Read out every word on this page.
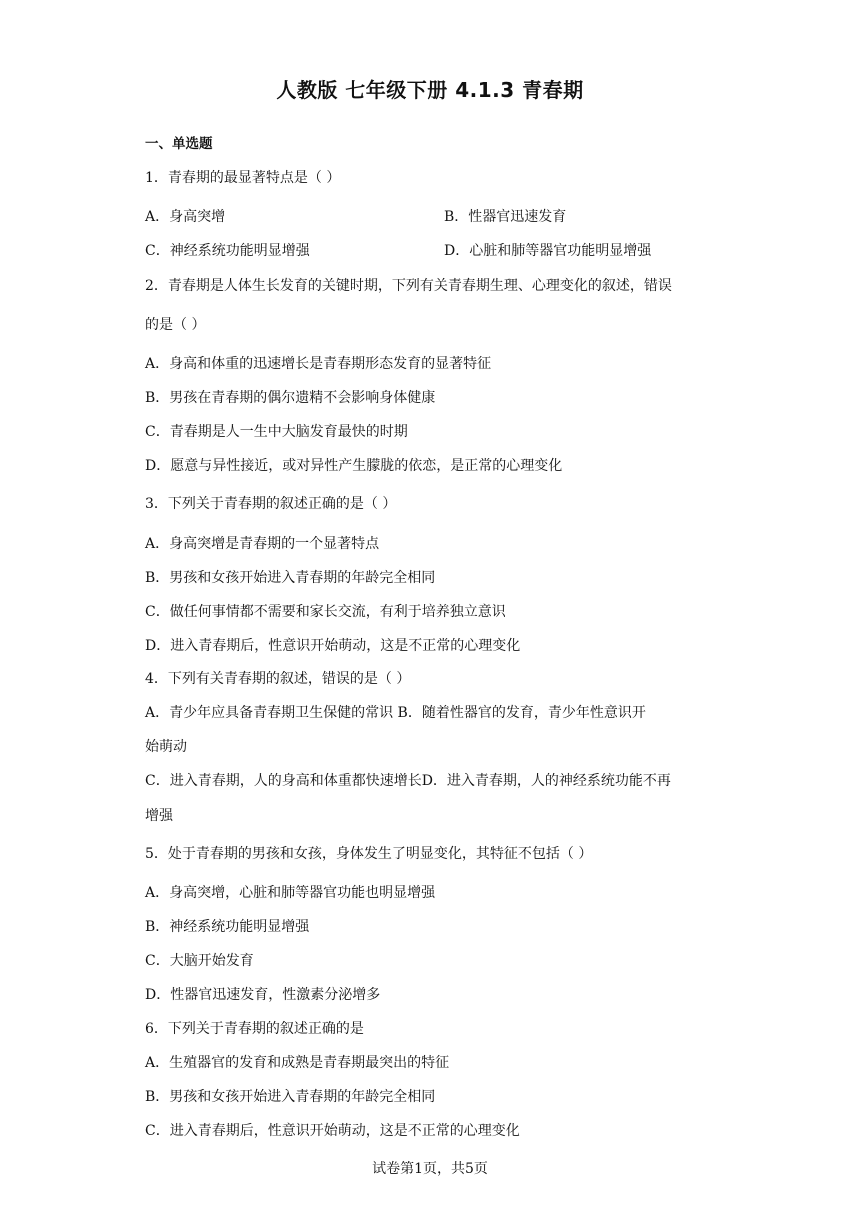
人教版 七年级下册 4.1.3 青春期
一、单选题
1．青春期的最显著特点是（ ）
A．身高突增	B．性器官迅速发育
C．神经系统功能明显增强	D．心脏和肺等器官功能明显增强
2．青春期是人体生长发育的关键时期，下列有关青春期生理、心理变化的叙述，错误
的是（ ）
A．身高和体重的迅速增长是青春期形态发育的显著特征
B．男孩在青春期的偶尔遗精不会影响身体健康
C．青春期是人一生中大脑发育最快的时期
D．愿意与异性接近，或对异性产生朦胧的依恋，是正常的心理变化
3．下列关于青春期的叙述正确的是（ ）
A．身高突增是青春期的一个显著特点
B．男孩和女孩开始进入青春期的年龄完全相同
C．做任何事情都不需要和家长交流，有利于培养独立意识
D．进入青春期后，性意识开始萌动，这是不正常的心理变化
4．下列有关青春期的叙述，错误的是（ ）
A．青少年应具备青春期卫生保健的常识 B．随着性器官的发育，青少年性意识开
始萌动
C．进入青春期，人的身高和体重都快速增长D．进入青春期，人的神经系统功能不再
增强
5．处于青春期的男孩和女孩，身体发生了明显变化，其特征不包括（ ）
A．身高突增，心脏和肺等器官功能也明显增强
B．神经系统功能明显增强
C．大脑开始发育
D．性器官迅速发育，性激素分泌增多
6．下列关于青春期的叙述正确的是
A．生殖器官的发育和成熟是青春期最突出的特征
B．男孩和女孩开始进入青春期的年龄完全相同
C．进入青春期后，性意识开始萌动，这是不正常的心理变化
试卷第1页，共5页
